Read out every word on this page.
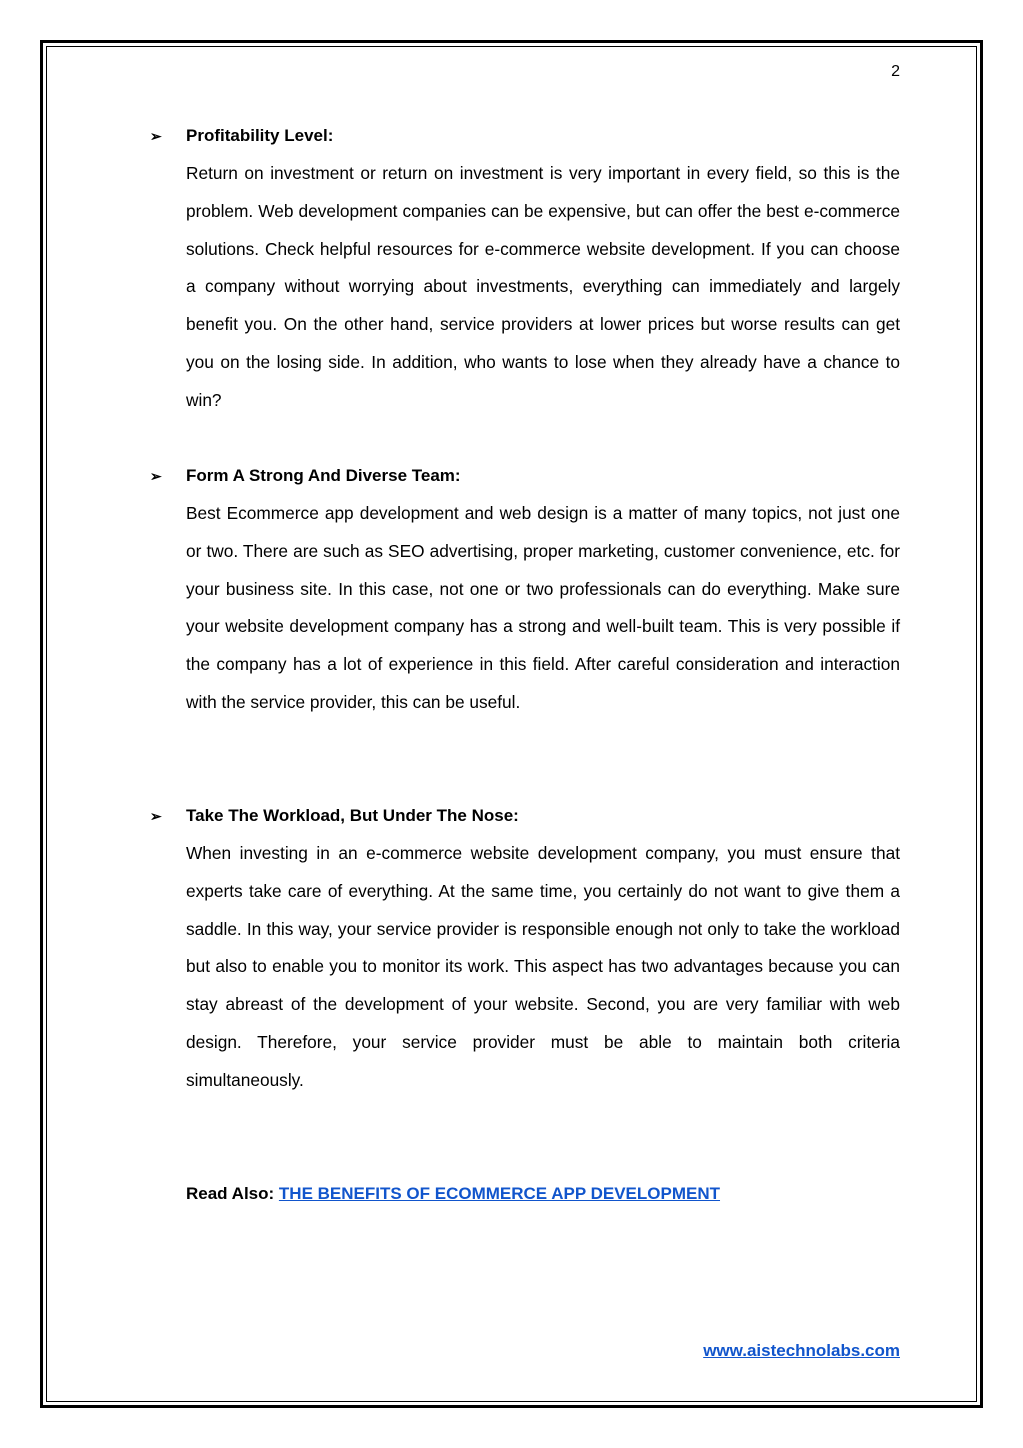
2
➢	Profitability Level:
Return on investment or return on investment is very important in every field, so this is the problem. Web development companies can be expensive, but can offer the best e-commerce solutions. Check helpful resources for e-commerce website development. If you can choose a company without worrying about investments, everything can immediately and largely benefit you. On the other hand, service providers at lower prices but worse results can get you on the losing side. In addition, who wants to lose when they already have a chance to win?
➢	Form A Strong And Diverse Team:
Best Ecommerce app development and web design is a matter of many topics, not just one or two. There are such as SEO advertising, proper marketing, customer convenience, etc. for your business site. In this case, not one or two professionals can do everything. Make sure your website development company has a strong and well-built team. This is very possible if the company has a lot of experience in this field. After careful consideration and interaction with the service provider, this can be useful.
➢	Take The Workload, But Under The Nose:
When investing in an e-commerce website development company, you must ensure that experts take care of everything. At the same time, you certainly do not want to give them a saddle. In this way, your service provider is responsible enough not only to take the workload but also to enable you to monitor its work. This aspect has two advantages because you can stay abreast of the development of your website. Second, you are very familiar with web design. Therefore, your service provider must be able to maintain both criteria simultaneously.
Read Also: THE BENEFITS OF ECOMMERCE APP DEVELOPMENT
www.aistechnolabs.com
